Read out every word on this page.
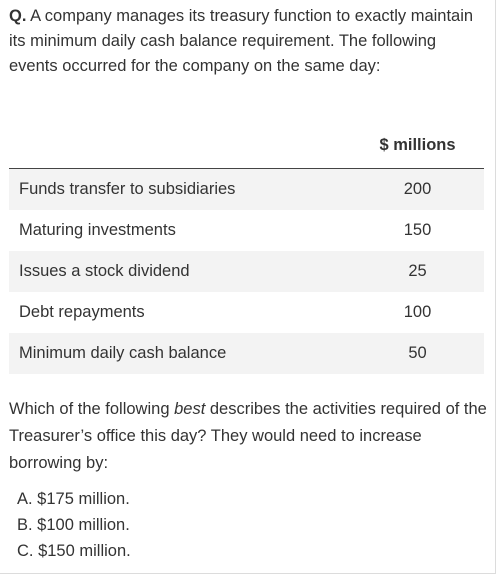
Q. A company manages its treasury function to exactly maintain its minimum daily cash balance requirement. The following events occurred for the company on the same day:
$ millions
Funds transfer to subsidiaries	200
Maturing investments	150
Issues a stock dividend	25
Debt repayments	100
Minimum daily cash balance	50
Which of the following best describes the activities required of the Treasurer’s office this day? They would need to increase borrowing by:
A. $175 million.
B. $100 million.
C. $150 million.
